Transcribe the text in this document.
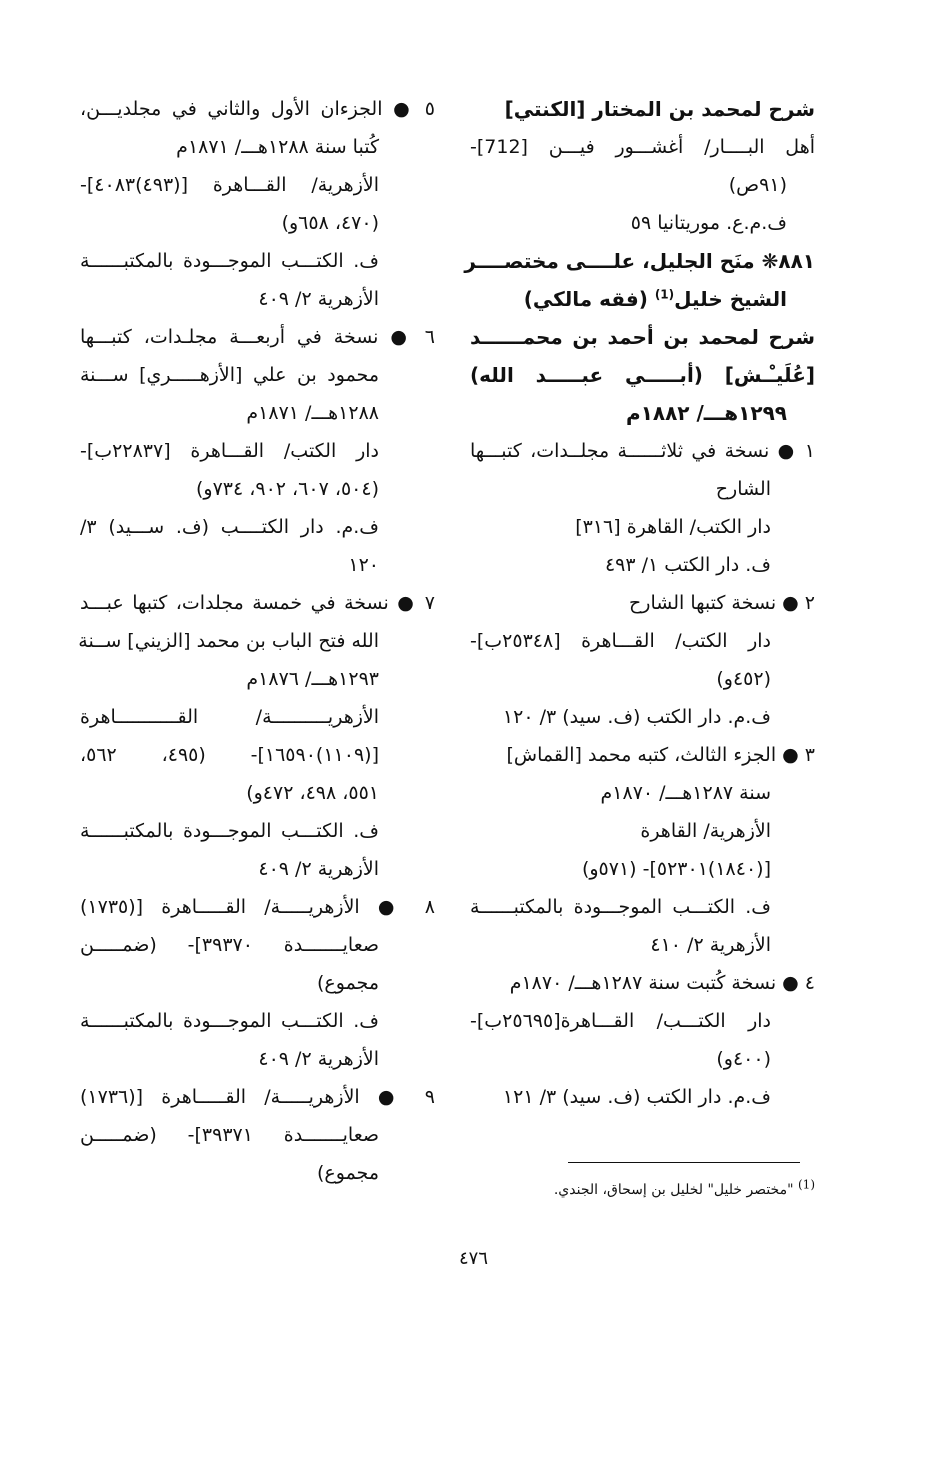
شرح لمحمد بن المختار [الكنتي]
أهل البــــار/ أغشـــور فيـــن [712]-
(٩١ص)
ف.م.ع. موريتانيا ٥٩
٨٨١‌❋ منَح الجليل، علــــى مختصــــر
الشيخ خليل$^{(1)}$ (فقه مالكي)
شرح لمحمد بن أحمد بن محمــــــد
[عُلَيـْـش] (أبـــــي عبـــــد الله)
١٢٩٩هـــ/ ١٨٨٢م
١ ● نسخة في ثلاثــــــة مجلــدات، كتبـــها
الشارح
دار الكتب/ القاهرة [٣١٦]
ف. دار الكتب ١/ ٤٩٣
٢ ● نسخة كتبها الشارح
دار الكتب/ القـــاهرة [٢٥٣٤٨ب]-
(٤٥٢و)
ف.م. دار الكتب (ف. سيد) ٣/ ١٢٠
٣ ● الجزء الثالث، كتبه محمد [القماش]
سنة ١٢٨٧هـــ/ ١٨٧٠م
الأزهرية/ القاهرة
[(١٨٤٠)٥٢٣٠١]- (٥٧١و)
ف. الكتـــب الموجـــودة بالمكتبــــــة
الأزهرية ٢/ ٤١٠
٤ ● نسخة كُتبت سنة ١٢٨٧هـــ/ ١٨٧٠م
دار الكتـــب/ القـــاهرة[٢٥٦٩٥ب]-
(٤٠٠و)
ف.م. دار الكتب (ف. سيد) ٣/ ١٢١
٥ ● الجزءان الأول والثاني في مجلديـــن،
كُتبا سنة ١٢٨٨هـــ/ ١٨٧١م
الأزهرية/ القـــاهرة [(٤٩٣)٤٠٨٣]-
(٤٧٠، ٦٥٨و)
ف. الكتـــب الموجـــودة بالمكتبــــــة
الأزهرية ٢/ ٤٠٩
٦ ● نسخة في أربعـــة مجلـدات، كتبـــها
محمود بن علي [الأزهـــــري] ســـنة
١٢٨٨هـــ/ ١٨٧١م
دار الكتب/ القـــاهرة [٢٢٨٣٧ب]-
(٥٠٤، ٦٠٧، ٩٠٢، ٧٣٤و)
ف.م. دار الكتــــب (ف. ســـيد) ٣/
١٢٠
٧ ● نسخة في خمسة مجلدات، كتبها عبـــد
الله فتح الباب بن محمد [الزيني] ســنة
١٢٩٣هـــ/ ١٨٧٦م
الأزهريــــــــــة/ القـــــــــــاهرة
[(١١٠٩)١٦٥٩٠]- (٤٩٥، ٥٦٢،
٥٥١، ٤٩٨، ٤٧٢و)
ف. الكتـــب الموجـــودة بالمكتبــــــة
الأزهرية ٢/ ٤٠٩
٨ ● الأزهريـــــة/ القـــــاهرة [(١٧٣٥)
صعايـــــــدة ٣٩٣٧٠]- (ضمـــــن
مجموع)
ف. الكتـــب الموجـــودة بالمكتبــــــة
الأزهرية ٢/ ٤٠٩
٩ ● الأزهريـــــة/ القـــــاهرة [(١٧٣٦)
صعايـــــــدة ٣٩٣٧١]- (ضمـــــن
مجموع)
$^{(1)}$ "مختصر خليل" لخليل بن إسحاق، الجندي.
٤٧٦
